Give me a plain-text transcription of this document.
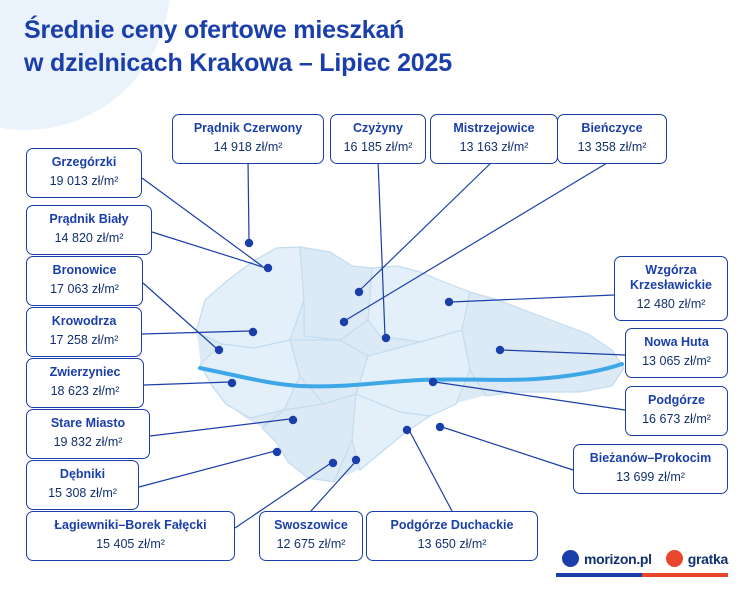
Średnie ceny ofertowe mieszkań
w dzielnicach Krakowa – Lipiec 2025
Grzegórzki
19 013 zł/m²
Prądnik Biały
14 820 zł/m²
Bronowice
17 063 zł/m²
Krowodrza
17 258 zł/m²
Zwierzyniec
18 623 zł/m²
Stare Miasto
19 832 zł/m²
Dębniki
15 308 zł/m²
Łagiewniki–Borek Fałęcki
15 405 zł/m²
Prądnik Czerwony
14 918 zł/m²
Czyżyny
16 185 zł/m²
Mistrzejowice
13 163 zł/m²
Bieńczyce
13 358 zł/m²
Wzgórza Krzesławickie
12 480 zł/m²
Nowa Huta
13 065 zł/m²
Podgórze
16 673 zł/m²
Bieżanów–Prokocim
13 699 zł/m²
Podgórze Duchackie
13 650 zł/m²
Swoszowice
12 675 zł/m²
morizon.pl	gratka
